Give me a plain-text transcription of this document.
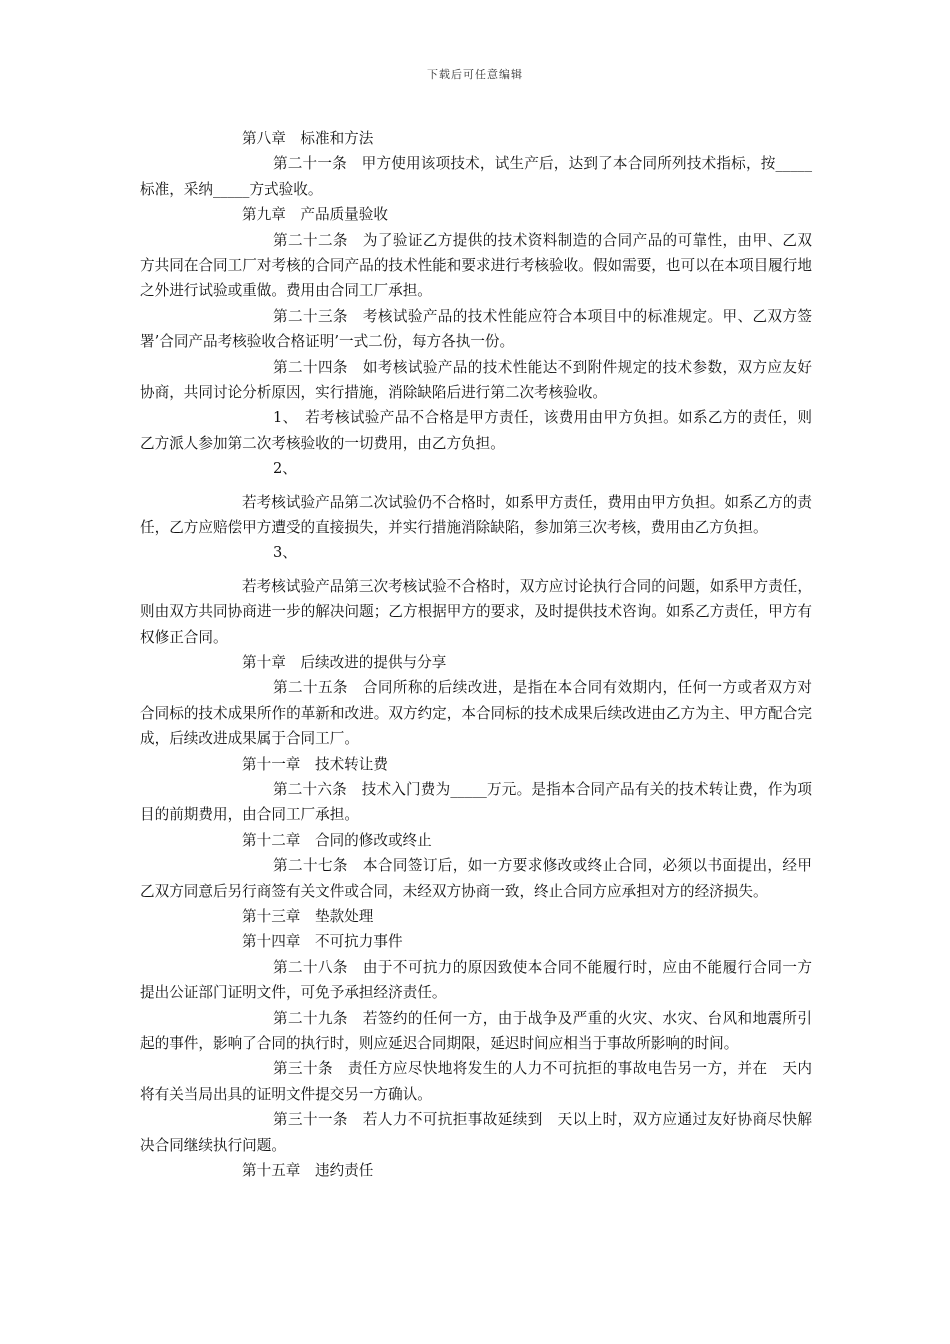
下载后可任意编辑
第八章　标准和方法
第二十一条　甲方使用该项技术，试生产后，达到了本合同所列技术指标，按_____标准，采纳_____方式验收。
第九章　产品质量验收
第二十二条　为了验证乙方提供的技术资料制造的合同产品的可靠性，由甲、乙双方共同在合同工厂对考核的合同产品的技术性能和要求进行考核验收。假如需要，也可以在本项目履行地之外进行试验或重做。费用由合同工厂承担。
第二十三条　考核试验产品的技术性能应符合本项目中的标准规定。甲、乙双方签署’合同产品考核验收合格证明’一式二份，每方各执一份。
第二十四条　如考核试验产品的技术性能达不到附件规定的技术参数，双方应友好协商，共同讨论分析原因，实行措施，消除缺陷后进行第二次考核验收。
1、　若考核试验产品不合格是甲方责任，该费用由甲方负担。如系乙方的责任，则乙方派人参加第二次考核验收的一切费用，由乙方负担。
2、
若考核试验产品第二次试验仍不合格时，如系甲方责任，费用由甲方负担。如系乙方的责任，乙方应赔偿甲方遭受的直接损失，并实行措施消除缺陷，参加第三次考核，费用由乙方负担。
3、
若考核试验产品第三次考核试验不合格时，双方应讨论执行合同的问题，如系甲方责任，则由双方共同协商进一步的解决问题；乙方根据甲方的要求，及时提供技术咨询。如系乙方责任，甲方有权修正合同。
第十章　后续改进的提供与分享
第二十五条　合同所称的后续改进，是指在本合同有效期内，任何一方或者双方对合同标的技术成果所作的革新和改进。双方约定，本合同标的技术成果后续改进由乙方为主、甲方配合完成，后续改进成果属于合同工厂。
第十一章　技术转让费
第二十六条　技术入门费为_____万元。是指本合同产品有关的技术转让费，作为项目的前期费用，由合同工厂承担。
第十二章　合同的修改或终止
第二十七条　本合同签订后，如一方要求修改或终止合同，必须以书面提出，经甲乙双方同意后另行商签有关文件或合同，未经双方协商一致，终止合同方应承担对方的经济损失。
第十三章　垫款处理
第十四章　不可抗力事件
第二十八条　由于不可抗力的原因致使本合同不能履行时，应由不能履行合同一方提出公证部门证明文件，可免予承担经济责任。
第二十九条　若签约的任何一方，由于战争及严重的火灾、水灾、台风和地震所引起的事件，影响了合同的执行时，则应延迟合同期限，延迟时间应相当于事故所影响的时间。
第三十条　责任方应尽快地将发生的人力不可抗拒的事故电告另一方，并在　天内将有关当局出具的证明文件提交另一方确认。
第三十一条　若人力不可抗拒事故延续到　天以上时，双方应通过友好协商尽快解决合同继续执行问题。
第十五章　违约责任
